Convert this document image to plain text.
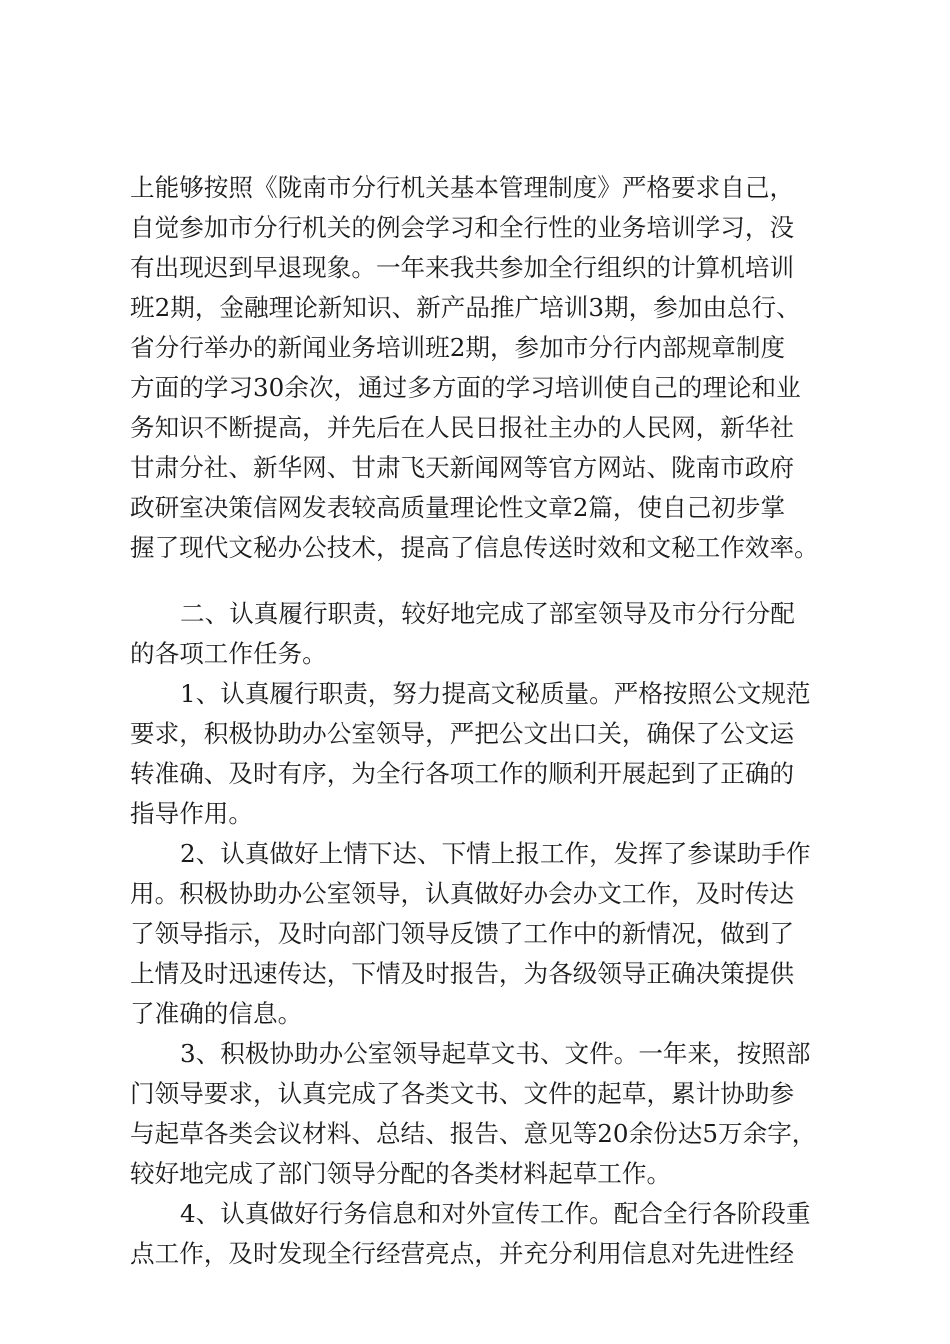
上能够按照《陇南市分行机关基本管理制度》严格要求自己，
自觉参加市分行机关的例会学习和全行性的业务培训学习，没
有出现迟到早退现象。一年来我共参加全行组织的计算机培训
班2期，金融理论新知识、新产品推广培训3期，参加由总行、
省分行举办的新闻业务培训班2期，参加市分行内部规章制度
方面的学习30余次，通过多方面的学习培训使自己的理论和业
务知识不断提高，并先后在人民日报社主办的人民网，新华社
甘肃分社、新华网、甘肃飞天新闻网等官方网站、陇南市政府
政研室决策信网发表较高质量理论性文章2篇，使自己初步掌
握了现代文秘办公技术，提高了信息传送时效和文秘工作效率。
二、认真履行职责，较好地完成了部室领导及市分行分配
的各项工作任务。
1、认真履行职责，努力提高文秘质量。严格按照公文规范
要求，积极协助办公室领导，严把公文出口关，确保了公文运
转准确、及时有序，为全行各项工作的顺利开展起到了正确的
指导作用。
2、认真做好上情下达、下情上报工作，发挥了参谋助手作
用。积极协助办公室领导，认真做好办会办文工作，及时传达
了领导指示，及时向部门领导反馈了工作中的新情况，做到了
上情及时迅速传达，下情及时报告，为各级领导正确决策提供
了准确的信息。
3、积极协助办公室领导起草文书、文件。一年来，按照部
门领导要求，认真完成了各类文书、文件的起草，累计协助参
与起草各类会议材料、总结、报告、意见等20余份达5万余字，
较好地完成了部门领导分配的各类材料起草工作。
4、认真做好行务信息和对外宣传工作。配合全行各阶段重
点工作，及时发现全行经营亮点，并充分利用信息对先进性经
